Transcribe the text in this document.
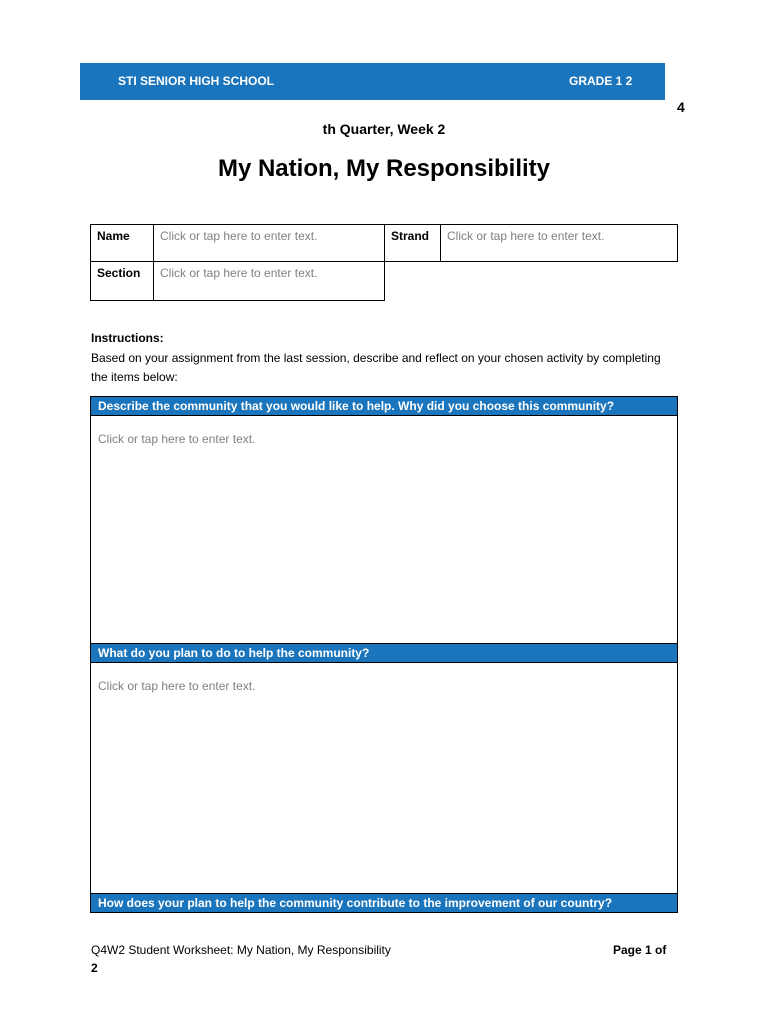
STI SENIOR HIGH SCHOOL	GRADE 1 2
4
th Quarter, Week 2
My Nation, My Responsibility
Name	Click or tap here to enter text.	Strand	Click or tap here to enter text.
Section	Click or tap here to enter text.
Instructions:
Based on your assignment from the last session, describe and reflect on your chosen activity by completing the items below:
Describe the community that you would like to help. Why did you choose this community?
Click or tap here to enter text.
What do you plan to do to help the community?
Click or tap here to enter text.
How does your plan to help the community contribute to the improvement of our country?
Q4W2 Student Worksheet: My Nation, My Responsibility	Page 1 of
2
